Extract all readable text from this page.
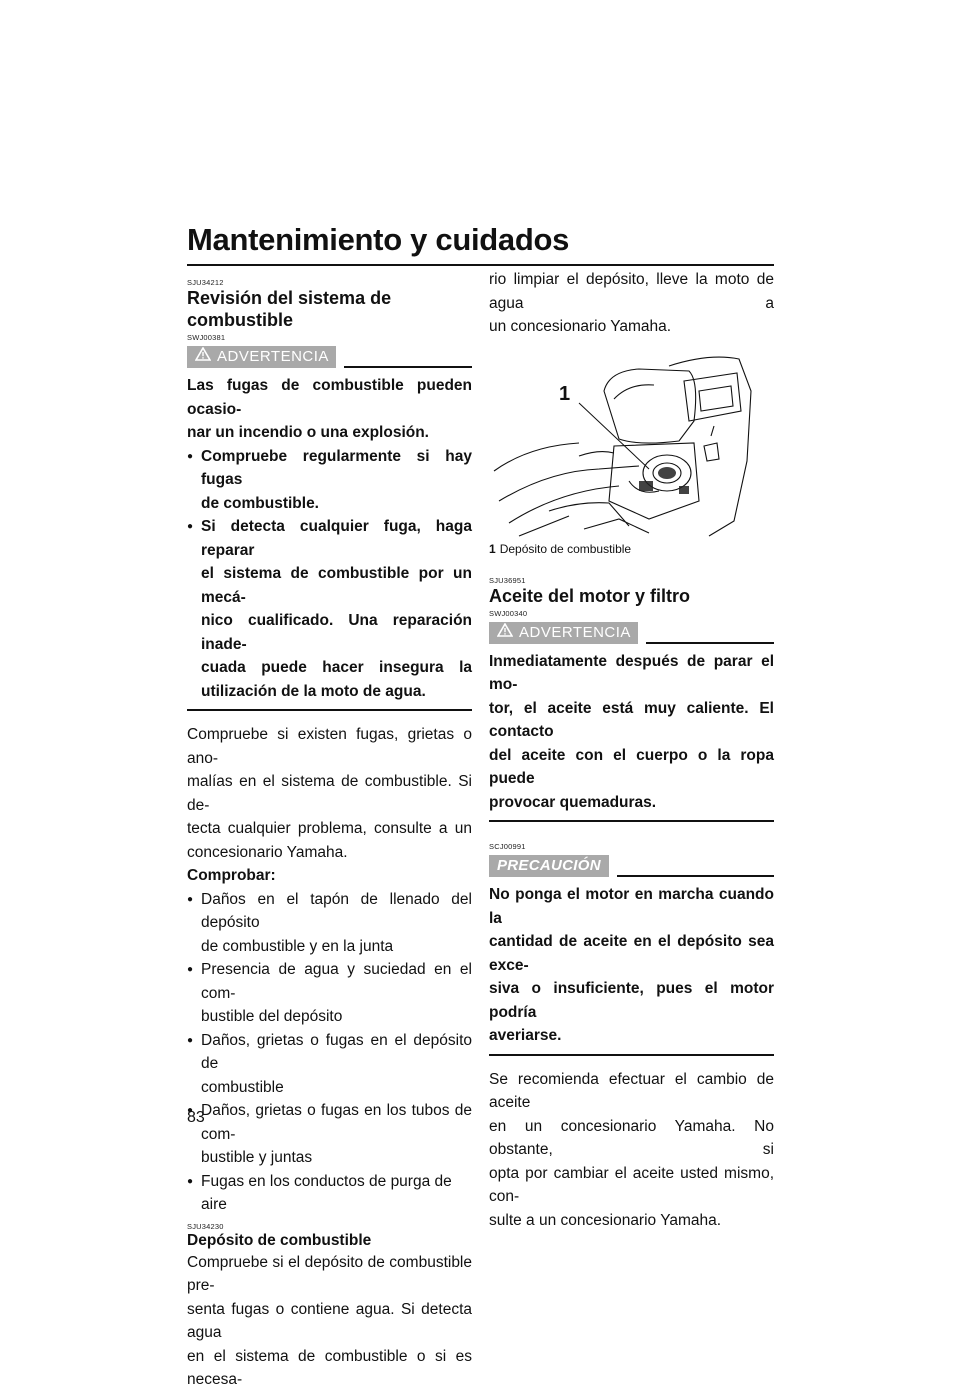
Mantenimiento y cuidados
SJU34212
Revisión del sistema de combustible
SWJ00381
ADVERTENCIA

Las fugas de combustible pueden ocasio-

nar un incendio o una explosión.

● Compruebe regularmente si hay fugas

de combustible.

● Si detecta cualquier fuga, haga reparar

el sistema de combustible por un mecá-

nico cualificado. Una reparación inade-

cuada puede hacer insegura la

utilización de la moto de agua.

Compruebe si existen fugas, grietas o ano-

malías en el sistema de combustible. Si de-

tecta cualquier problema, consulte a un

concesionario Yamaha.

Comprobar:

● Daños en el tapón de llenado del depósito

de combustible y en la junta

● Presencia de agua y suciedad en el com-

bustible del depósito

● Daños, grietas o fugas en el depósito de

combustible

● Daños, grietas o fugas en los tubos de com-

bustible y juntas

● Fugas en los conductos de purga de aire

SJU34230
Depósito de combustible

Compruebe si el depósito de combustible pre-

senta fugas o contiene agua. Si detecta agua

en el sistema de combustible o si es necesa-

rio limpiar el depósito, lleve la moto de agua a

un concesionario Yamaha.

1
1 Depósito de combustible
SJU36951
Aceite del motor y filtro
SWJ00340
ADVERTENCIA

Inmediatamente después de parar el mo-

tor, el aceite está muy caliente. El contacto

del aceite con el cuerpo o la ropa puede

provocar quemaduras.

SCJ00991
PRECAUCIÓN

No ponga el motor en marcha cuando la

cantidad de aceite en el depósito sea exce-

siva o insuficiente, pues el motor podría

averiarse.

Se recomienda efectuar el cambio de aceite

en un concesionario Yamaha. No obstante, si

opta por cambiar el aceite usted mismo, con-

sulte a un concesionario Yamaha.

83
